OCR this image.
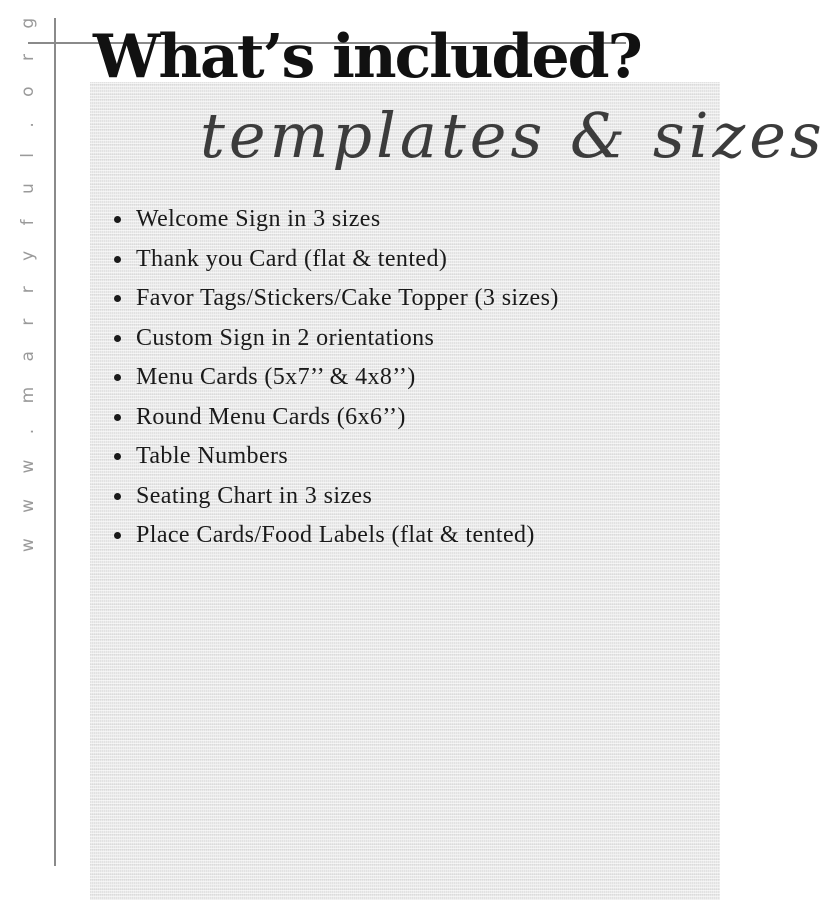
w w w . m a r r y f u l . o r g What’s included?
templates & sizes
Welcome Sign in 3 sizes
Thank you Card (flat & tented)
Favor Tags/Stickers/Cake Topper (3 sizes)
Custom Sign in 2 orientations
Menu Cards (5x7’’ & 4x8’’)
Round Menu Cards (6x6’’)
Table Numbers
Seating Chart in 3 sizes
Place Cards/Food Labels (flat & tented)
